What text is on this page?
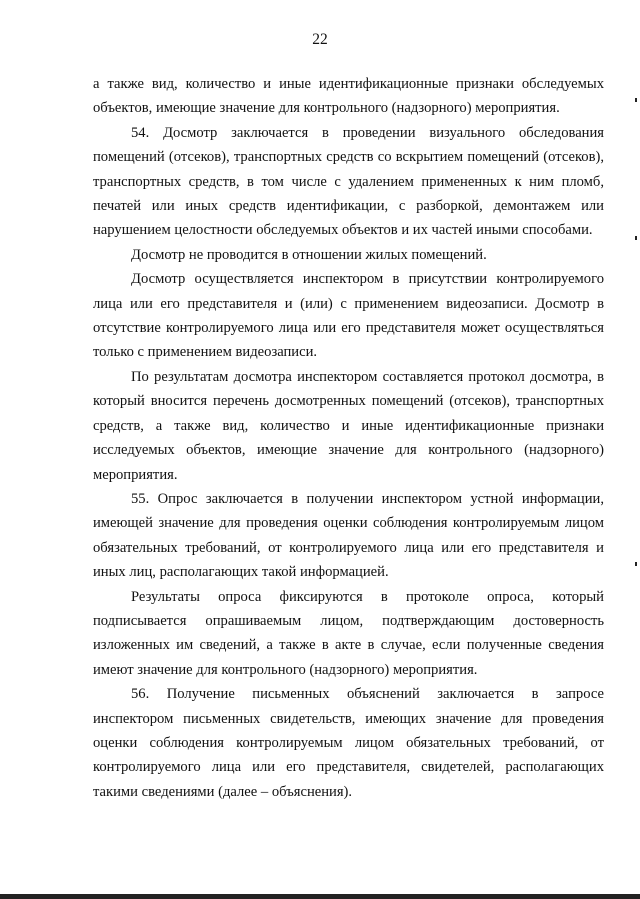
22

а также вид, количество и иные идентификационные признаки обследуемых объектов, имеющие значение для контрольного (надзорного) мероприятия.

54. Досмотр заключается в проведении визуального обследования помещений (отсеков), транспортных средств со вскрытием помещений (отсеков), транспортных средств, в том числе с удалением примененных к ним пломб, печатей или иных средств идентификации, с разборкой, демонтажем или нарушением целостности обследуемых объектов и их частей иными способами.

Досмотр не проводится в отношении жилых помещений.

Досмотр осуществляется инспектором в присутствии контролируемого лица или его представителя и (или) с применением видеозаписи. Досмотр в отсутствие контролируемого лица или его представителя может осуществляться только с применением видеозаписи.

По результатам досмотра инспектором составляется протокол досмотра, в который вносится перечень досмотренных помещений (отсеков), транспортных средств, а также вид, количество и иные идентификационные признаки исследуемых объектов, имеющие значение для контрольного (надзорного) мероприятия.

55. Опрос заключается в получении инспектором устной информации, имеющей значение для проведения оценки соблюдения контролируемым лицом обязательных требований, от контролируемого лица или его представителя и иных лиц, располагающих такой информацией.

Результаты опроса фиксируются в протоколе опроса, который подписывается опрашиваемым лицом, подтверждающим достоверность изложенных им сведений, а также в акте в случае, если полученные сведения имеют значение для контрольного (надзорного) мероприятия.

56. Получение письменных объяснений заключается в запросе инспектором письменных свидетельств, имеющих значение для проведения оценки соблюдения контролируемым лицом обязательных требований, от контролируемого лица или его представителя, свидетелей, располагающих такими сведениями (далее – объяснения).
